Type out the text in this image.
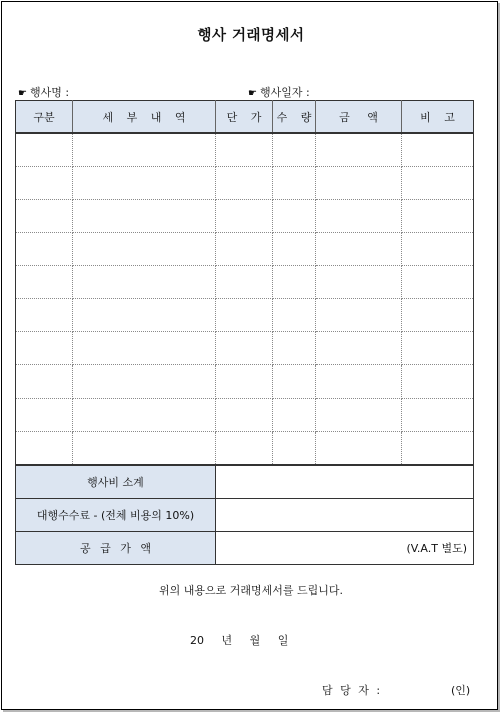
행사 거래명세서
☛ 행사명 :	☛ 행사일자 :
구분	세 부 내 역	단 가	수 량	금 액	비 고

행사비 소계					
대행수수료 - (전체 비용의 10%)					
공 급 가 액		(V.A.T 별도)			
위의 내용으로 거래명세서를 드립니다.
20 년 월 일
담 당 자 :	(인)
